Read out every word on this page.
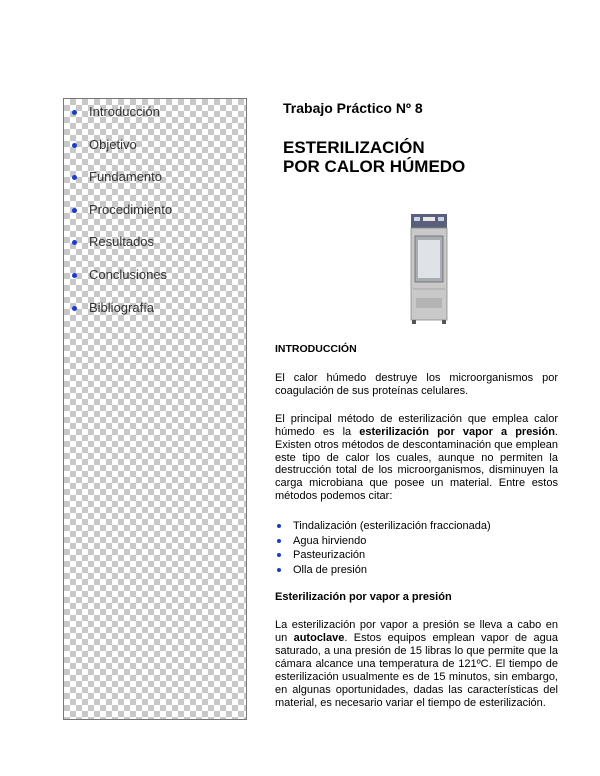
Introducción
Objetivo
Fundamento
Procedimiento
Resultados
Conclusiones
Bibliografía
Trabajo Práctico Nº 8
ESTERILIZACIÓN
POR CALOR HÚMEDO
INTRODUCCIÓN

El calor húmedo destruye los microorganismos por coagulación de sus proteínas celulares.

El principal método de esterilización que emplea calor húmedo es la esterilización por vapor a presión. Existen otros métodos de descontaminación que emplean este tipo de calor los cuales, aunque no permiten la destrucción total de los microorganismos, disminuyen la carga microbiana que posee un material. Entre estos métodos podemos citar:

Tindalización (esterilización fraccionada)
Agua hirviendo
Pasteurización
Olla de presión
Esterilización por vapor a presión

La esterilización por vapor a presión se lleva a cabo en un autoclave. Estos equipos emplean vapor de agua saturado, a una presión de 15 libras lo que permite que la cámara alcance una temperatura de 121ºC. El tiempo de esterilización usualmente es de 15 minutos, sin embargo, en algunas oportunidades, dadas las características del material, es necesario variar el tiempo de esterilización.
